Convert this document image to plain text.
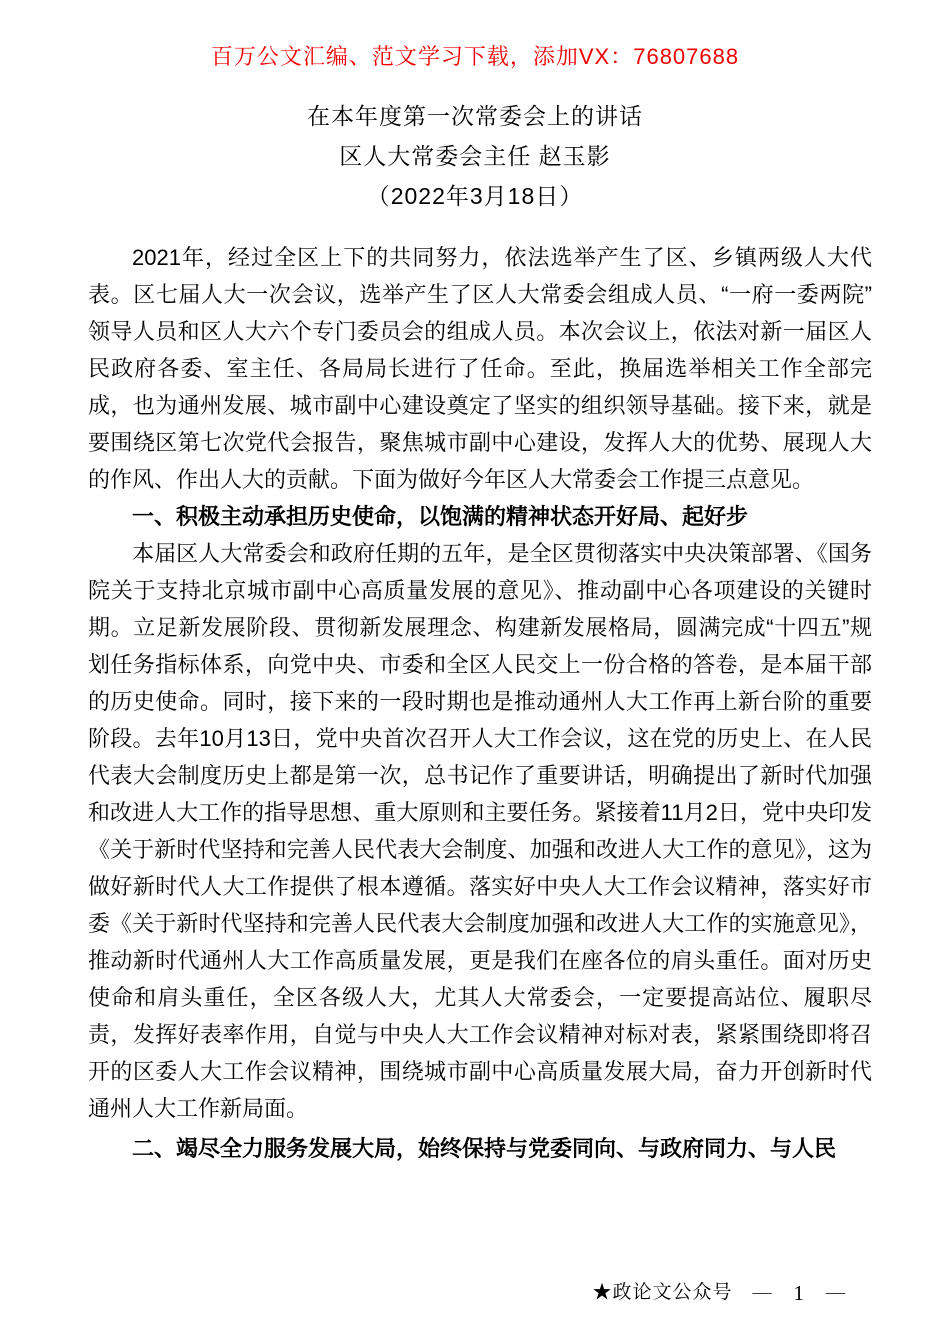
百万公文汇编、范文学习下载，添加VX：76807688
在本年度第一次常委会上的讲话
区人大常委会主任 赵玉影
（2022年3月18日）

2021年，经过全区上下的共同努力，依法选举产生了区、乡镇两级人大代表。区七届人大一次会议，选举产生了区人大常委会组成人员、“一府一委两院”领导人员和区人大六个专门委员会的组成人员。本次会议上，依法对新一届区人民政府各委、室主任、各局局长进行了任命。至此，换届选举相关工作全部完成，也为通州发展、城市副中心建设奠定了坚实的组织领导基础。接下来，就是要围绕区第七次党代会报告，聚焦城市副中心建设，发挥人大的优势、展现人大的作风、作出人大的贡献。下面为做好今年区人大常委会工作提三点意见。

一、积极主动承担历史使命，以饱满的精神状态开好局、起好步

本届区人大常委会和政府任期的五年，是全区贯彻落实中央决策部署、《国务院关于支持北京城市副中心高质量发展的意见》、推动副中心各项建设的关键时期。立足新发展阶段、贯彻新发展理念、构建新发展格局，圆满完成“十四五”规划任务指标体系，向党中央、市委和全区人民交上一份合格的答卷，是本届干部的历史使命。同时，接下来的一段时期也是推动通州人大工作再上新台阶的重要阶段。去年10月13日，党中央首次召开人大工作会议，这在党的历史上、在人民代表大会制度历史上都是第一次，总书记作了重要讲话，明确提出了新时代加强和改进人大工作的指导思想、重大原则和主要任务。紧接着11月2日，党中央印发《关于新时代坚持和完善人民代表大会制度、加强和改进人大工作的意见》，这为做好新时代人大工作提供了根本遵循。落实好中央人大工作会议精神，落实好市委《关于新时代坚持和完善人民代表大会制度加强和改进人大工作的实施意见》，推动新时代通州人大工作高质量发展，更是我们在座各位的肩头重任。面对历史使命和肩头重任，全区各级人大，尤其人大常委会，一定要提高站位、履职尽责，发挥好表率作用，自觉与中央人大工作会议精神对标对表，紧紧围绕即将召开的区委人大工作会议精神，围绕城市副中心高质量发展大局，奋力开创新时代通州人大工作新局面。

二、竭尽全力服务发展大局，始终保持与党委同向、与政府同力、与人民

★政论文公众号 — 1 —
